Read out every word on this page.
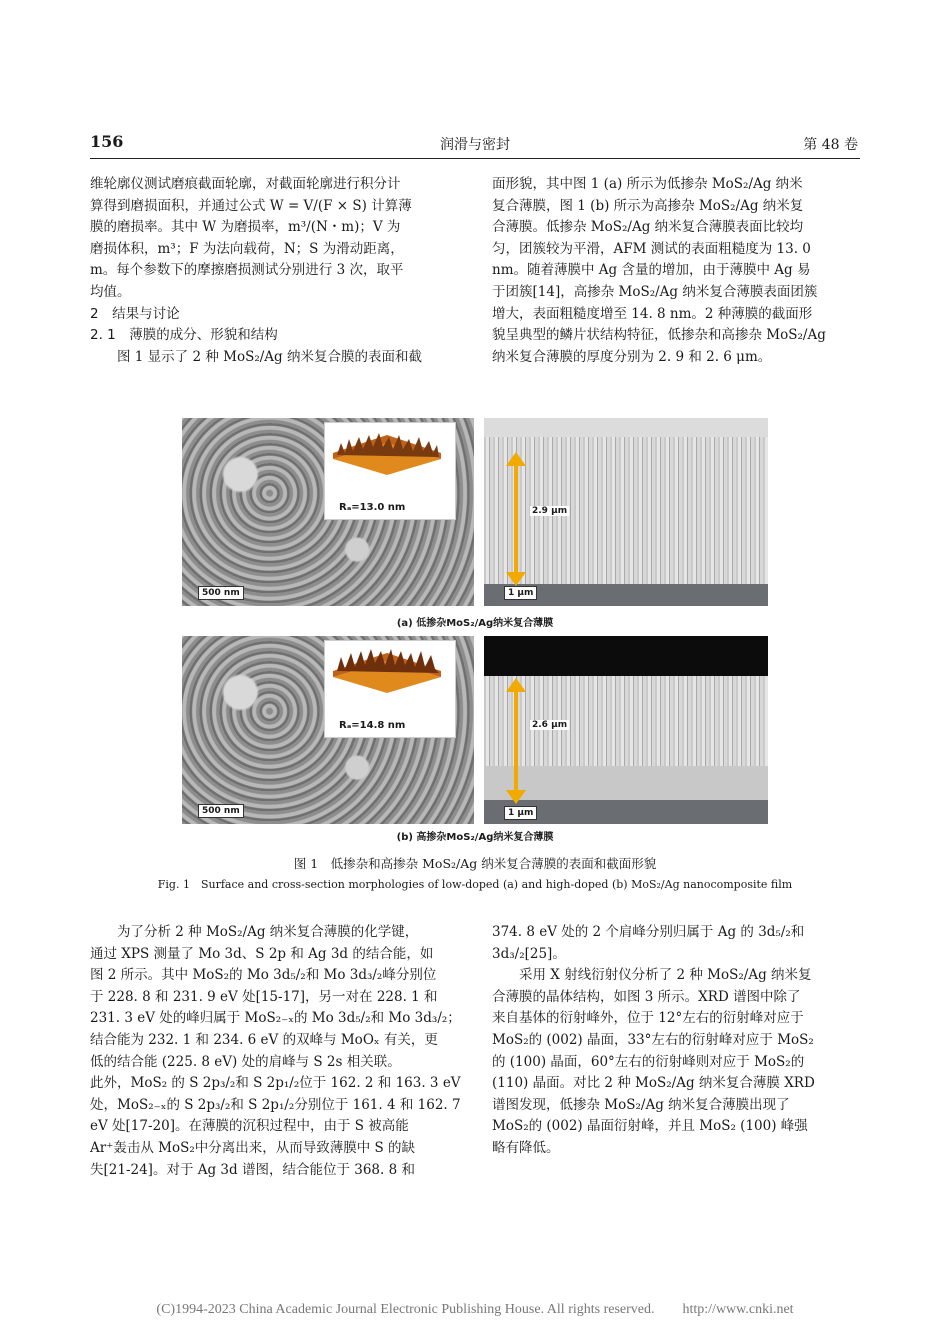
156	润滑与密封	第 48 卷
维轮廓仪测试磨痕截面轮廓，对截面轮廓进行积分计
算得到磨损面积，并通过公式 W = V/(F × S) 计算薄
膜的磨损率。其中 W 为磨损率，m³/(N・m)；V 为
磨损体积，m³；F 为法向载荷，N；S 为滑动距离，
m。每个参数下的摩擦磨损测试分别进行 3 次，取平
均值。
2　结果与讨论
2. 1　薄膜的成分、形貌和结构
图 1 显示了 2 种 MoS₂/Ag 纳米复合膜的表面和截
面形貌，其中图 1 (a) 所示为低掺杂 MoS₂/Ag 纳米
复合薄膜，图 1 (b) 所示为高掺杂 MoS₂/Ag 纳米复
合薄膜。低掺杂 MoS₂/Ag 纳米复合薄膜表面比较均
匀，团簇较为平滑，AFM 测试的表面粗糙度为 13. 0
nm。随着薄膜中 Ag 含量的增加，由于薄膜中 Ag 易
于团簇[14]，高掺杂 MoS₂/Ag 纳米复合薄膜表面团簇
增大，表面粗糙度增至 14. 8 nm。2 种薄膜的截面形
貌呈典型的鳞片状结构特征，低掺杂和高掺杂 MoS₂/Ag
纳米复合薄膜的厚度分别为 2. 9 和 2. 6 μm。
Rₐ=13.0 nm
500 nm
2.9 μm
1 μm
(a) 低掺杂MoS₂/Ag纳米复合薄膜
Rₐ=14.8 nm
500 nm
2.6 μm
1 μm
(b) 高掺杂MoS₂/Ag纳米复合薄膜
图 1　低掺杂和高掺杂 MoS₂/Ag 纳米复合薄膜的表面和截面形貌
Fig. 1　Surface and cross-section morphologies of low-doped (a) and high-doped (b) MoS₂/Ag nanocomposite film
为了分析 2 种 MoS₂/Ag 纳米复合薄膜的化学键，
通过 XPS 测量了 Mo 3d、S 2p 和 Ag 3d 的结合能，如
图 2 所示。其中 MoS₂的 Mo 3d₅/₂和 Mo 3d₃/₂峰分别位
于 228. 8 和 231. 9 eV 处[15-17]，另一对在 228. 1 和
231. 3 eV 处的峰归属于 MoS₂₋ₓ的 Mo 3d₅/₂和 Mo 3d₃/₂；
结合能为 232. 1 和 234. 6 eV 的双峰与 MoOₓ 有关，更
低的结合能 (225. 8 eV) 处的肩峰与 S 2s 相关联。
此外，MoS₂ 的 S 2p₃/₂和 S 2p₁/₂位于 162. 2 和 163. 3 eV
处，MoS₂₋ₓ的 S 2p₃/₂和 S 2p₁/₂分别位于 161. 4 和 162. 7
eV 处[17-20]。在薄膜的沉积过程中，由于 S 被高能
Ar⁺轰击从 MoS₂中分离出来，从而导致薄膜中 S 的缺
失[21-24]。对于 Ag 3d 谱图，结合能位于 368. 8 和
374. 8 eV 处的 2 个肩峰分别归属于 Ag 的 3d₅/₂和
3d₃/₂[25]。
采用 X 射线衍射仪分析了 2 种 MoS₂/Ag 纳米复
合薄膜的晶体结构，如图 3 所示。XRD 谱图中除了
来自基体的衍射峰外，位于 12°左右的衍射峰对应于
MoS₂的 (002) 晶面，33°左右的衍射峰对应于 MoS₂
的 (100) 晶面，60°左右的衍射峰则对应于 MoS₂的
(110) 晶面。对比 2 种 MoS₂/Ag 纳米复合薄膜 XRD
谱图发现，低掺杂 MoS₂/Ag 纳米复合薄膜出现了
MoS₂的 (002) 晶面衍射峰，并且 MoS₂ (100) 峰强
略有降低。
(C)1994-2023 China Academic Journal Electronic Publishing House. All rights reserved.　　http://www.cnki.net
